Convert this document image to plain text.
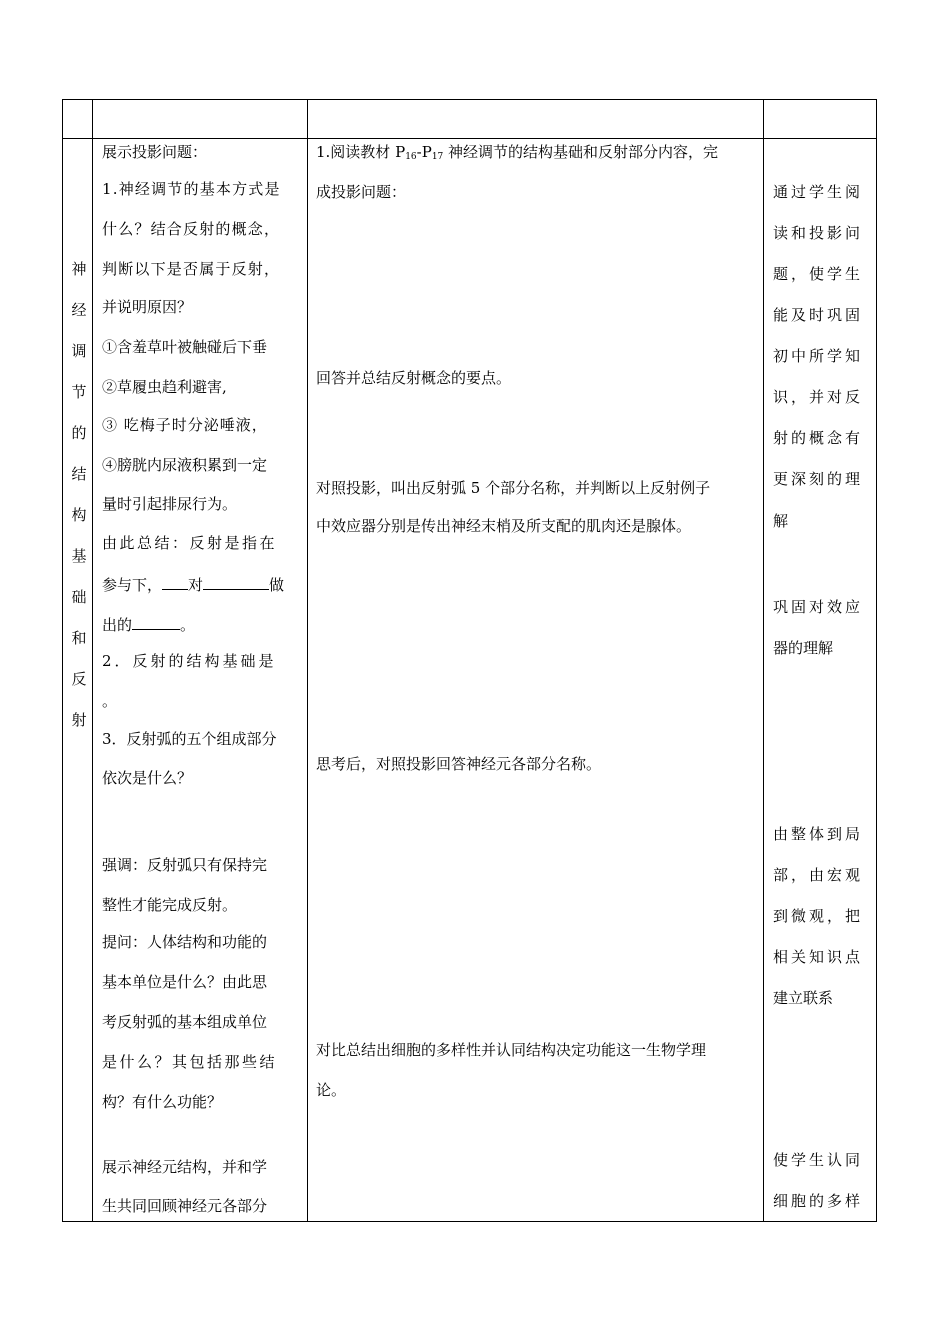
神
经
调
节
的
结
构
基
础
和
反
射
展示投影问题：
1.神经调节的基本方式是
什么？结合反射的概念，
判断以下是否属于反射，
并说明原因？
①含羞草叶被触碰后下垂
②草履虫趋利避害,
③ 吃梅子时分泌唾液，
④膀胱内尿液积累到一定
量时引起排尿行为。
由此总结：反射是指在
参与下， 对	做
出的	。
2．反射的结构基础是
。
3．反射弧的五个组成部分
依次是什么？
强调：反射弧只有保持完
整性才能完成反射。
提问：人体结构和功能的
基本单位是什么？由此思
考反射弧的基本组成单位
是什么？其包括那些结
构？有什么功能？
展示神经元结构，并和学
生共同回顾神经元各部分
1.阅读教材 $P_{16}-P_{17}$ 神经调节的结构基础和反射部分内容，完
成投影问题：
回答并总结反射概念的要点。
对照投影，叫出反射弧 5 个部分名称，并判断以上反射例子
中效应器分别是传出神经末梢及所支配的肌肉还是腺体。
思考后，对照投影回答神经元各部分名称。
对比总结出细胞的多样性并认同结构决定功能这一生物学理
论。
通过学生阅
读和投影问
题，使学生
能及时巩固
初中所学知
识，并对反
射的概念有
更深刻的理
解
巩固对效应
器的理解
由整体到局
部，由宏观
到微观，把
相关知识点
建立联系
使学生认同
细胞的多样
